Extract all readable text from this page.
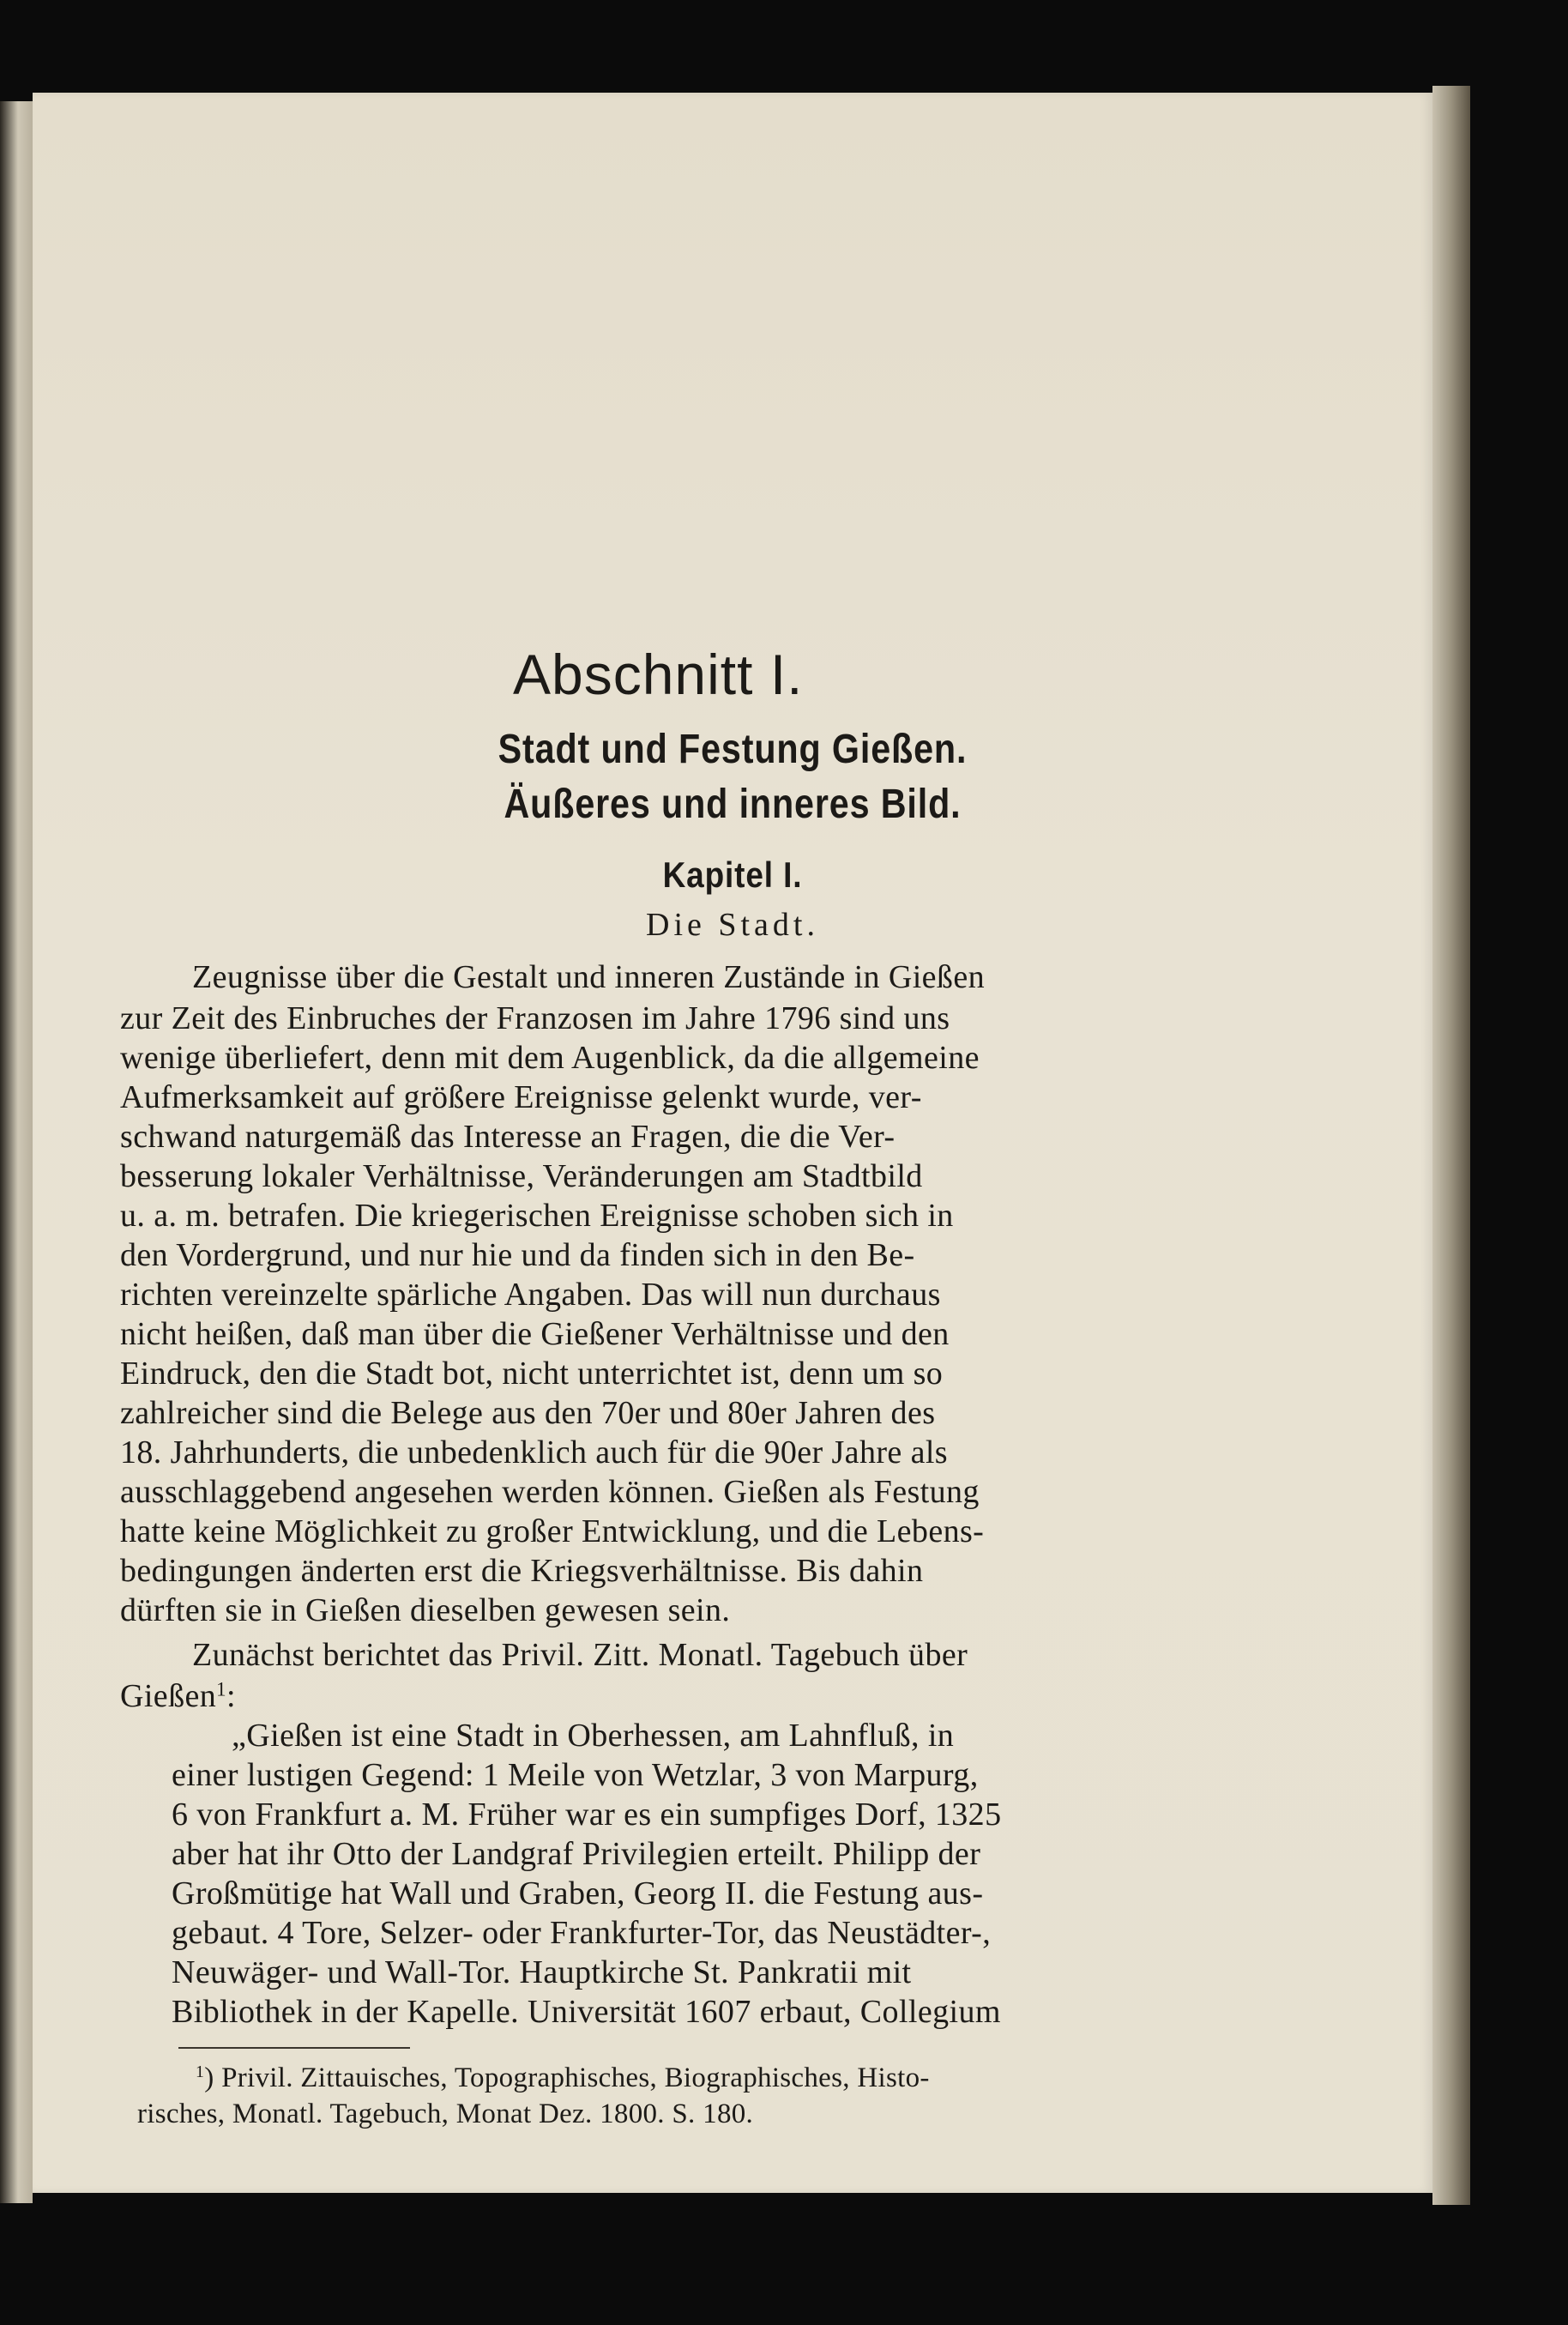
Abschnitt I.
Stadt und Festung Gießen.
Äußeres und inneres Bild.
Kapitel I.
Die Stadt.
Zeugnisse über die Gestalt und inneren Zustände in Gießen
zur Zeit des Einbruches der Franzosen im Jahre 1796 sind uns
wenige überliefert, denn mit dem Augenblick, da die allgemeine
Aufmerksamkeit auf größere Ereignisse gelenkt wurde, ver-
schwand naturgemäß das Interesse an Fragen, die die Ver-
besserung lokaler Verhältnisse, Veränderungen am Stadtbild
u. a. m. betrafen. Die kriegerischen Ereignisse schoben sich in
den Vordergrund, und nur hie und da finden sich in den Be-
richten vereinzelte spärliche Angaben. Das will nun durchaus
nicht heißen, daß man über die Gießener Verhältnisse und den
Eindruck, den die Stadt bot, nicht unterrichtet ist, denn um so
zahlreicher sind die Belege aus den 70er und 80er Jahren des
18. Jahrhunderts, die unbedenklich auch für die 90er Jahre als
ausschlaggebend angesehen werden können. Gießen als Festung
hatte keine Möglichkeit zu großer Entwicklung, und die Lebens-
bedingungen änderten erst die Kriegsverhältnisse. Bis dahin
dürften sie in Gießen dieselben gewesen sein.
Zunächst berichtet das Privil. Zitt. Monatl. Tagebuch über
Gießen$^1$:
„Gießen ist eine Stadt in Oberhessen, am Lahnfluß, in
einer lustigen Gegend: 1 Meile von Wetzlar, 3 von Marpurg,
6 von Frankfurt a. M. Früher war es ein sumpfiges Dorf, 1325
aber hat ihr Otto der Landgraf Privilegien erteilt. Philipp der
Großmütige hat Wall und Graben, Georg II. die Festung aus-
gebaut. 4 Tore, Selzer- oder Frankfurter-Tor, das Neustädter-,
Neuwäger- und Wall-Tor. Hauptkirche St. Pankratii mit
Bibliothek in der Kapelle. Universität 1607 erbaut, Collegium
$^1$) Privil. Zittauisches, Topographisches, Biographisches, Histo-
risches, Monatl. Tagebuch, Monat Dez. 1800. S. 180.
